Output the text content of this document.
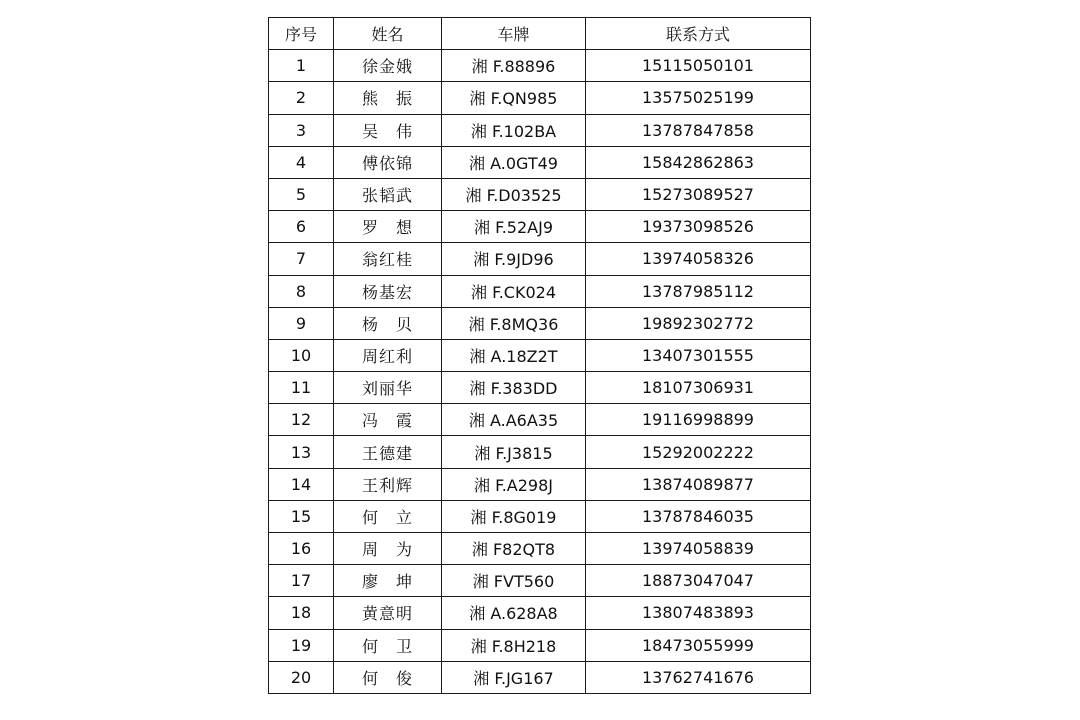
序号	姓名	车牌	联系方式
1	徐金娥	湘 F.88896	15115050101
2	熊　振	湘 F.QN985	13575025199
3	吴　伟	湘 F.102BA	13787847858
4	傅依锦	湘 A.0GT49	15842862863
5	张韬武	湘 F.D03525	15273089527
6	罗　想	湘 F.52AJ9	19373098526
7	翁红桂	湘 F.9JD96	13974058326
8	杨基宏	湘 F.CK024	13787985112
9	杨　贝	湘 F.8MQ36	19892302772
10	周红利	湘 A.18Z2T	13407301555
11	刘丽华	湘 F.383DD	18107306931
12	冯　霞	湘 A.A6A35	19116998899
13	王德建	湘 F.J3815	15292002222
14	王利辉	湘 F.A298J	13874089877
15	何　立	湘 F.8G019	13787846035
16	周　为	湘 F82QT8	13974058839
17	廖　坤	湘 FVT560	18873047047
18	黄意明	湘 A.628A8	13807483893
19	何　卫	湘 F.8H218	18473055999
20	何　俊	湘 F.JG167	13762741676
